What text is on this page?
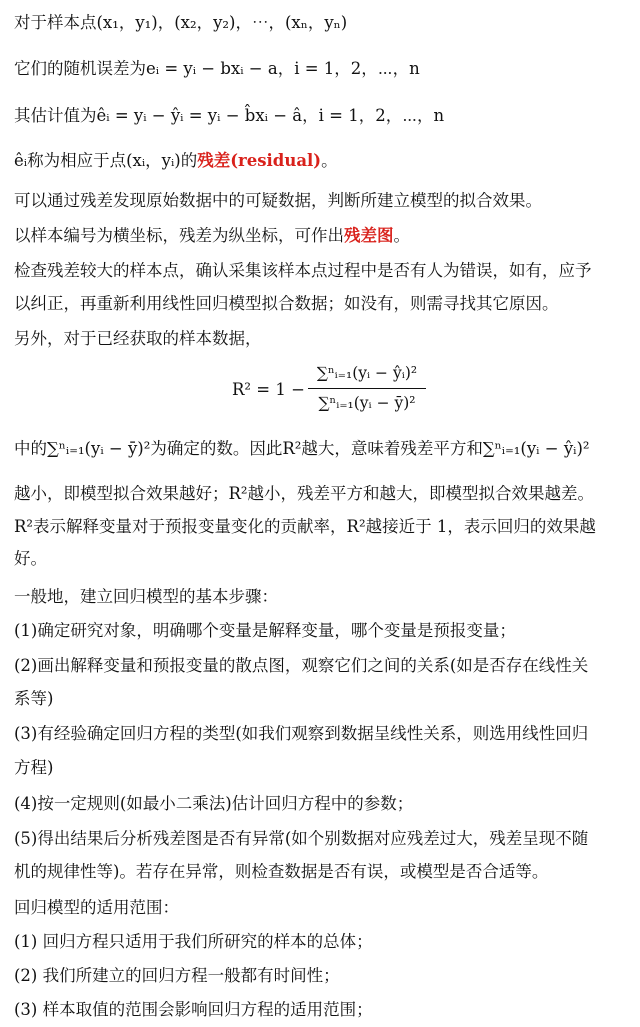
对于样本点(x₁，y₁)，(x₂，y₂)，⋯，(xₙ，yₙ)
它们的随机误差为eᵢ = yᵢ − bxᵢ − a，i = 1，2，⋯，n
其估计值为êᵢ = yᵢ − ŷᵢ = yᵢ − b̂xᵢ − â，i = 1，2，⋯，n
êᵢ称为相应于点(xᵢ，yᵢ)的残差(residual)。
可以通过残差发现原始数据中的可疑数据，判断所建立模型的拟合效果。
以样本编号为横坐标，残差为纵坐标，可作出残差图。
检查残差较大的样本点，确认采集该样本点过程中是否有人为错误，如有，应予
以纠正，再重新利用线性回归模型拟合数据；如没有，则需寻找其它原因。
另外，对于已经获取的样本数据，
R² = 1 −
∑ⁿᵢ₌₁(yᵢ − ŷᵢ)²
∑ⁿᵢ₌₁(yᵢ − ȳ)²
中的∑ⁿᵢ₌₁(yᵢ − ȳ)²为确定的数。因此R²越大，意味着残差平方和∑ⁿᵢ₌₁(yᵢ − ŷᵢ)²
越小，即模型拟合效果越好；R²越小，残差平方和越大，即模型拟合效果越差。
R²表示解释变量对于预报变量变化的贡献率，R²越接近于 1，表示回归的效果越
好。
一般地，建立回归模型的基本步骤：
(1)确定研究对象，明确哪个变量是解释变量，哪个变量是预报变量；
(2)画出解释变量和预报变量的散点图，观察它们之间的关系(如是否存在线性关
系等)
(3)有经验确定回归方程的类型(如我们观察到数据呈线性关系，则选用线性回归
方程)
(4)按一定规则(如最小二乘法)估计回归方程中的参数；
(5)得出结果后分析残差图是否有异常(如个别数据对应残差过大，残差呈现不随
机的规律性等)。若存在异常，则检查数据是否有误，或模型是否合适等。
回归模型的适用范围：
(1) 回归方程只适用于我们所研究的样本的总体；
(2) 我们所建立的回归方程一般都有时间性；
(3) 样本取值的范围会影响回归方程的适用范围；
